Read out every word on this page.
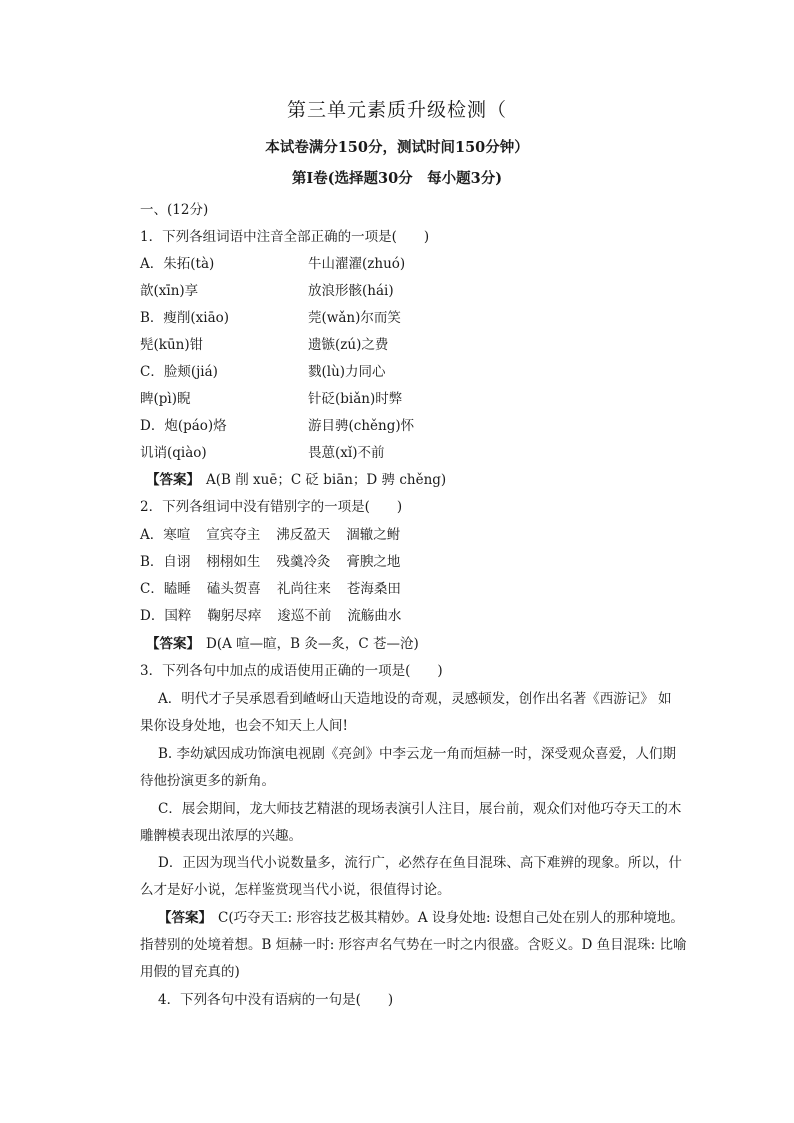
第三单元素质升级检测（
本试卷满分150分，测试时间150分钟）
第Ⅰ卷(选择题30分　每小题3分)
一、(12分)
1．下列各组词语中注音全部正确的一项是(　　)
A．朱拓(tà)	牛山濯濯(zhuó)
歆(xīn)享	放浪形骸(hái)
B．瘦削(xiāo)	莞(wǎn)尔而笑
髡(kūn)钳	遗镞(zú)之费
C．脸颊(jiá)	戮(lù)力同心
睥(pì)睨	针砭(biǎn)时弊
D．炮(páo)烙	游目骋(chěng)怀
讥诮(qiào)	畏葸(xǐ)不前
【答案】 A(B 削 xuē；C 砭 biān；D 骋 chěng)
2．下列各组词中没有错别字的一项是(　　)
A．寒喧 宣宾夺主 沸反盈天 涸辙之鲋
B．自诩 栩栩如生 残羹冷灸 膏腴之地
C．瞌睡 磕头贺喜 礼尚往来 苍海桑田
D．国粹 鞠躬尽瘁 逡巡不前 流觞曲水
【答案】 D(A 喧—暄，B 灸—炙，C 苍—沧)
3．下列各句中加点的成语使用正确的一项是(　　)
A．明代才子吴承恩看到嵖岈山天造地设的奇观，灵感顿发，创作出名著《西游记》 如
果你设身处地，也会不知天上人间!
B. 李幼斌因成功饰演电视剧《亮剑》中李云龙一角而烜赫一时，深受观众喜爱，人们期
待他扮演更多的新角。
C．展会期间，龙大师技艺精湛的现场表演引人注目，展台前，观众们对他巧夺天工的木
雕髀模表现出浓厚的兴趣。
D．正因为现当代小说数量多，流行广，必然存在鱼目混珠、高下难辨的现象。所以，什
么才是好小说，怎样鉴赏现当代小说，很值得讨论。
【答案】 C(巧夺天工: 形容技艺极其精妙。A 设身处地: 设想自己处在别人的那种境地。
指替别的处境着想。B 烜赫一时: 形容声名气势在一时之内很盛。含贬义。D 鱼目混珠: 比喻
用假的冒充真的)
4．下列各句中没有语病的一句是(　　)
